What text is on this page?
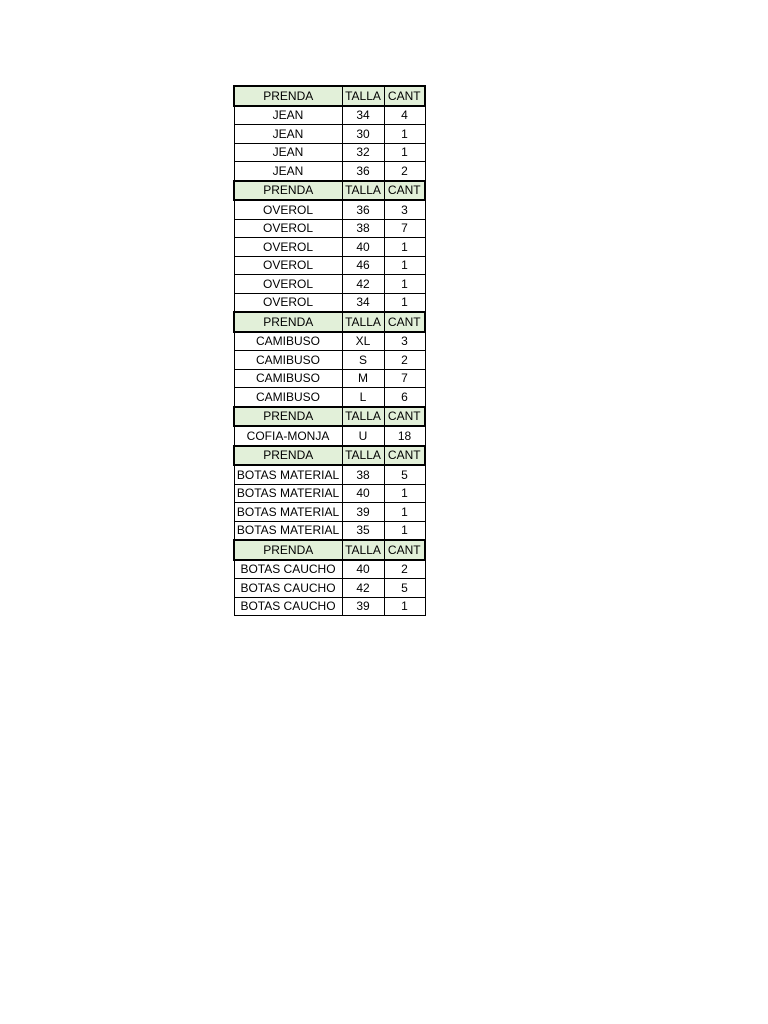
PRENDA	TALLA	CANT
JEAN	34	4
JEAN	30	1
JEAN	32	1
JEAN	36	2
PRENDA	TALLA	CANT
OVEROL	36	3
OVEROL	38	7
OVEROL	40	1
OVEROL	46	1
OVEROL	42	1
OVEROL	34	1
PRENDA	TALLA	CANT
CAMIBUSO	XL	3
CAMIBUSO	S	2
CAMIBUSO	M	7
CAMIBUSO	L	6
PRENDA	TALLA	CANT
COFIA-MONJA	U	18
PRENDA	TALLA	CANT
BOTAS MATERIAL	38	5
BOTAS MATERIAL	40	1
BOTAS MATERIAL	39	1
BOTAS MATERIAL	35	1
PRENDA	TALLA	CANT
BOTAS CAUCHO	40	2
BOTAS CAUCHO	42	5
BOTAS CAUCHO	39	1
